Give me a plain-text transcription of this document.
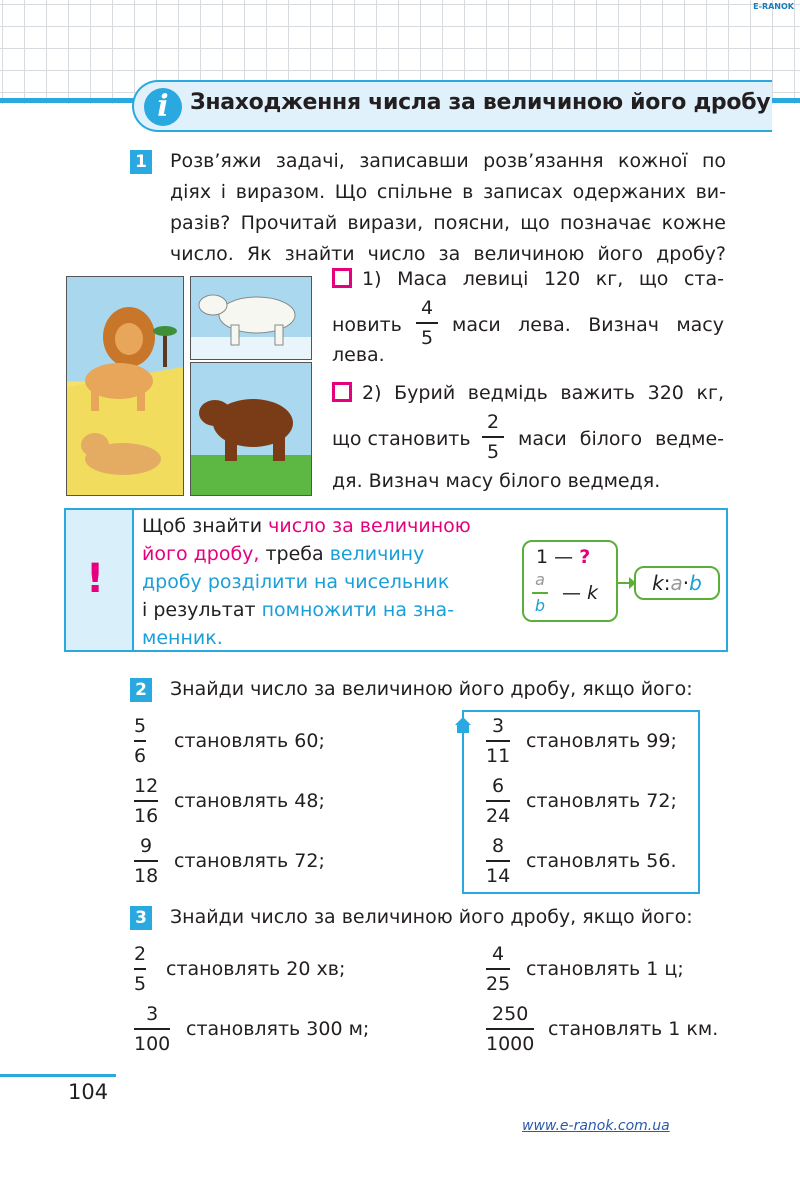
E-RANOK
i Знаходження числа за величиною його дробу
1 Розв’яжи задачі, записавши розв’язання кожної по
діях і виразом. Що спільне в записах одержаних ви-
разів? Прочитай вирази, поясни, що позначає кожне
число. Як знайти число за величиною його дробу?
1) Маса левиці 120 кг, що ста-
новить
4
5
маси лева. Визнач масу
лева.
2) Бурий ведмідь важить 320 кг,
що становить
2
5
маси білого ведме-
дя. Визнач масу білого ведмедя.
!
Щоб знайти число за величиною
його дробу, треба величину
дробу розділити на чисельник
і результат помножити на зна-
менник.
1 — ?
a
b
— k	k:a·b
2 Знайди число за величиною його дробу, якщо його:
5
6
становлять 60;
12
16
становлять 48;
9
18
становлять 72;
3
11
становлять 99;
6
24
становлять 72;
8
14
становлять 56.
3 Знайди число за величиною його дробу, якщо його:
2
5
становлять 20 хв;
4
25
становлять 1 ц;
3
100
становлять 300 м;
250
1000
становлять 1 км.
104
www.e-ranok.com.ua
